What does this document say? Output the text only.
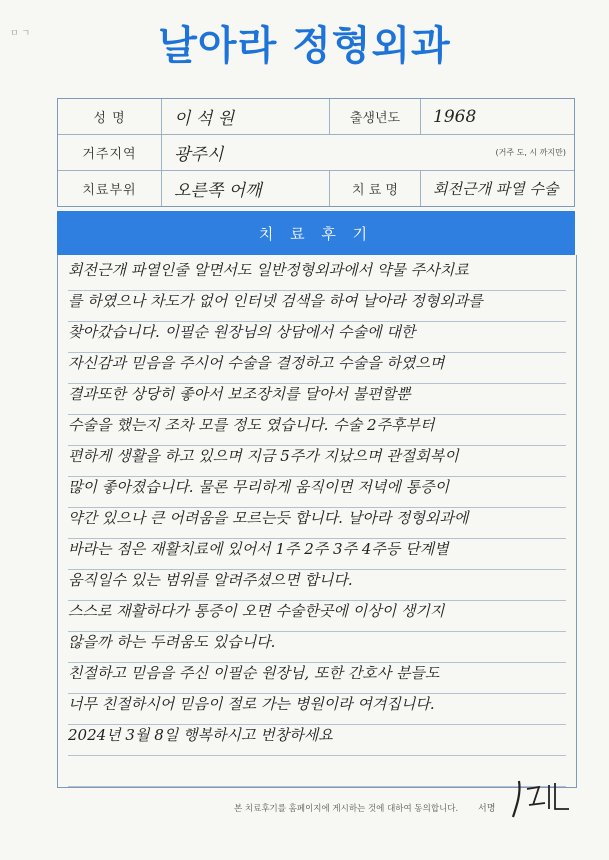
ㅁ ㄱ	날아라 정형외과
성 명	이 석 원	출생년도	1968
거주지역	광주시	(거주 도, 시 까지만)
치료부위	오른쪽 어깨	치 료 명	회전근개 파열 수술
치 료 후 기
회전근개 파열인줄 알면서도 일반정형외과에서 약물 주사치료
를 하였으나 차도가 없어 인터넷 검색을 하여 날아라 정형외과를
찾아갔습니다. 이필순 원장님의 상담에서 수술에 대한
자신감과 믿음을 주시어 수술을 결정하고 수술을 하였으며
결과또한 상당히 좋아서 보조장치를 달아서 불편할뿐
수술을 했는지 조차 모를 정도 였습니다. 수술 2주후부터
편하게 생활을 하고 있으며 지금 5주가 지났으며 관절회복이
많이 좋아졌습니다. 물론 무리하게 움직이면 저녁에 통증이
약간 있으나 큰 어려움을 모르는듯 합니다. 날아라 정형외과에
바라는 점은 재활치료에 있어서 1주 2주 3주 4주등 단계별
움직일수 있는 범위를 알려주셨으면 합니다.
스스로 재활하다가 통증이 오면 수술한곳에 이상이 생기지
않을까 하는 두려움도 있습니다.
친절하고 믿음을 주신 이필순 원장님, 또한 간호사 분들도
너무 친절하시어 믿음이 절로 가는 병원이라 여겨집니다.
2024년 3월 8일 행복하시고 번창하세요
본 치료후기를 홈페이지에 게시하는 것에 대하여 동의합니다. 서명
